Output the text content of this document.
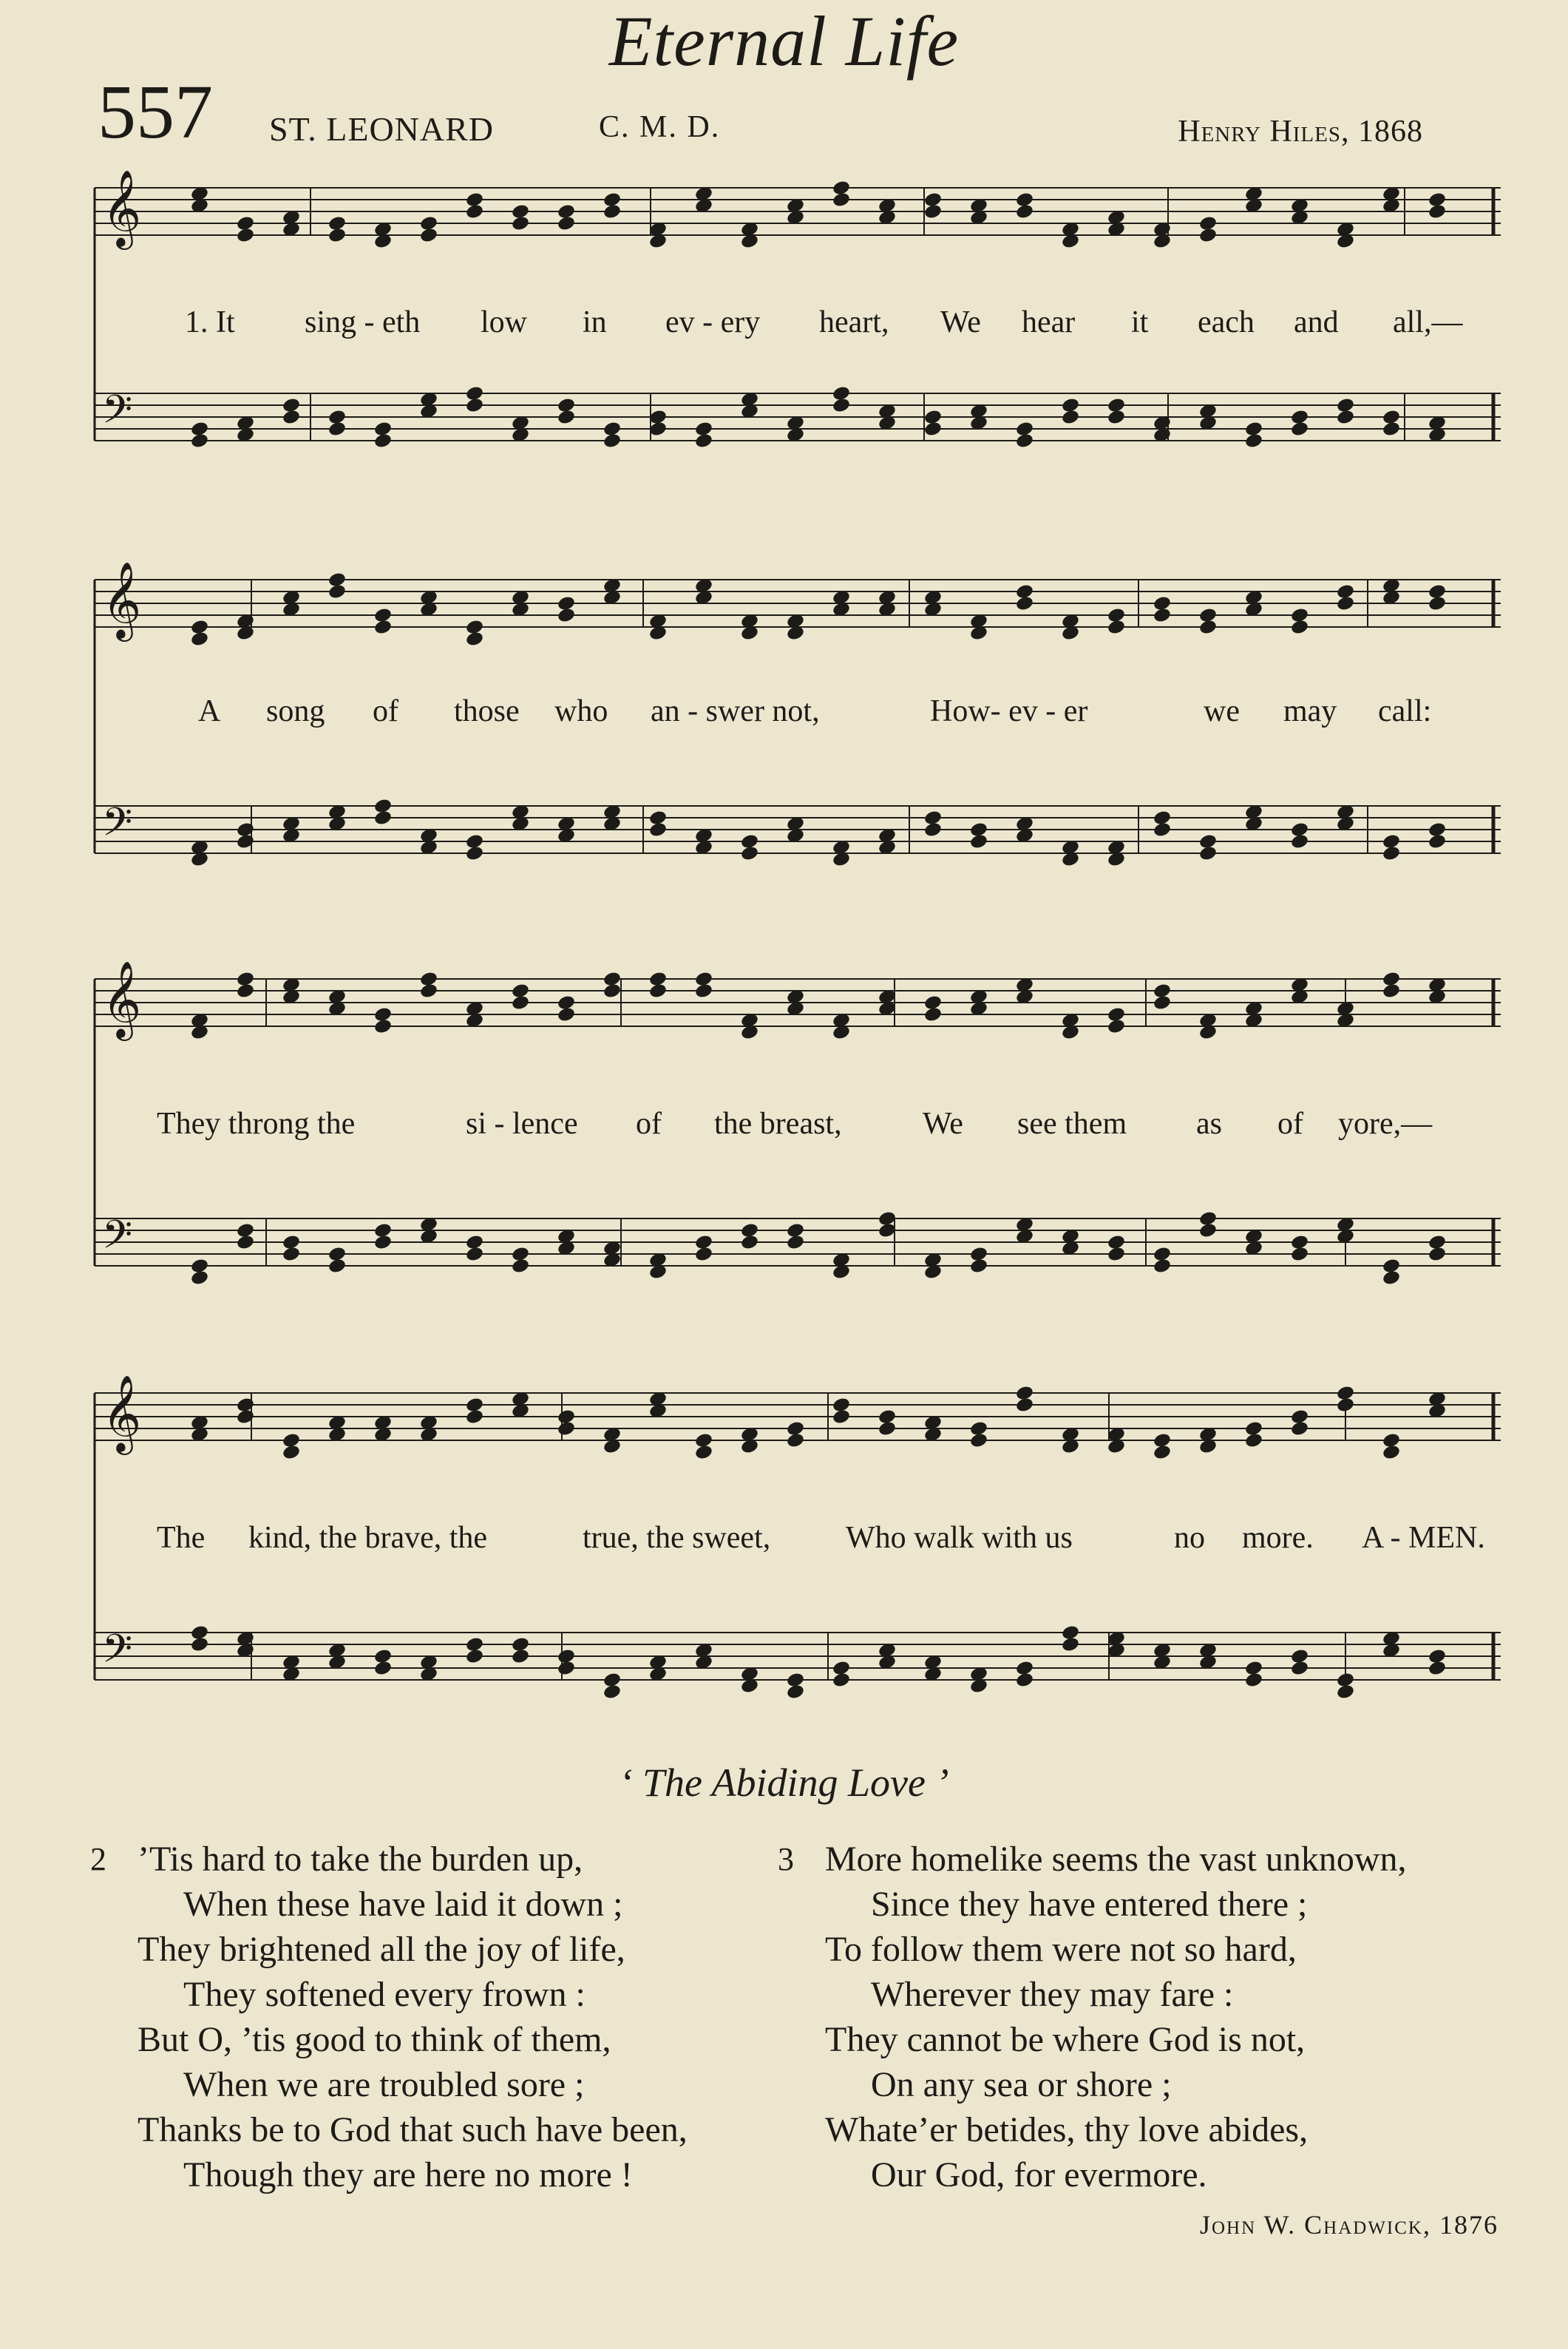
Eternal Life
557 ST. LEONARD	C. M. D.	Henry Hiles, 1868
𝄞
𝄢
1. It sing - eth low in ev - ery heart, We hear it each and all,—
𝄞
𝄢
A song of those who an - swer not,	How- ev - er	we may call:
𝄞
𝄢
They throng the	si - lence of the breast,	We see them as of yore,—
𝄞
𝄢
The kind, the brave, the	true, the sweet, Who walk with us	no more. A - MEN.
‘ The Abiding Love ’
2 ’Tis hard to take the burden up,
When these have laid it down ;
They brightened all the joy of life,
They softened every frown :
But O, ’tis good to think of them,
When we are troubled sore ;
Thanks be to God that such have been,
Though they are here no more !
3 More homelike seems the vast unknown,
Since they have entered there ;
To follow them were not so hard,
Wherever they may fare :
They cannot be where God is not,
On any sea or shore ;
Whate’er betides, thy love abides,
Our God, for evermore.
John W. Chadwick, 1876
